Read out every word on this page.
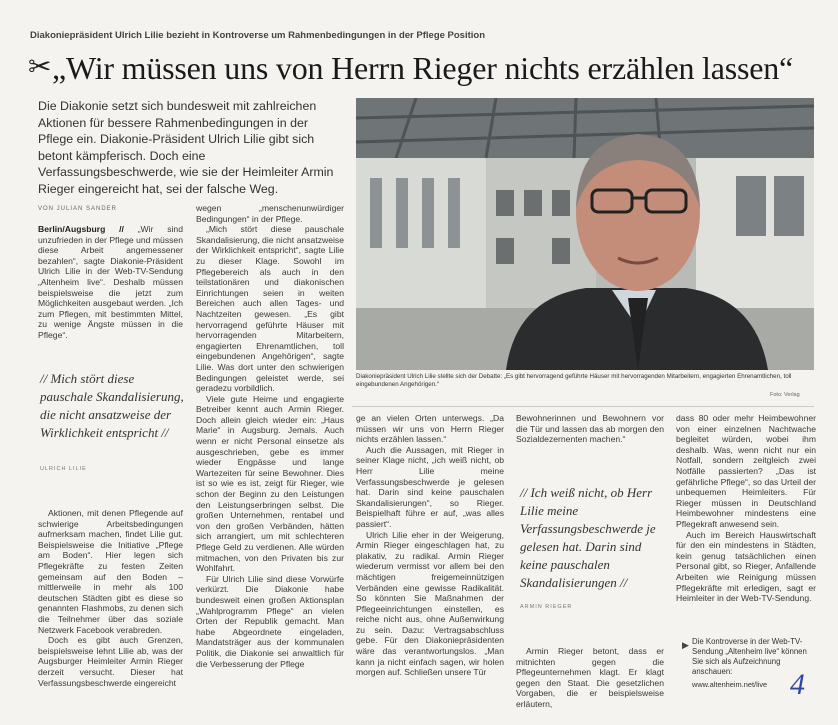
Diakoniepräsident Ulrich Lilie bezieht in Kontroverse um Rahmenbedingungen in der Pflege Position
✂ „Wir müssen uns von Herrn Rieger nichts erzählen lassen“
Die Diakonie setzt sich bundesweit mit zahlreichen Aktionen für bessere Rahmenbedingungen in der Pflege ein. Diakonie-Präsident Ulrich Lilie gibt sich betont kämpferisch. Doch eine Verfassungsbeschwerde, wie sie der Heimleiter Armin Rieger eingereicht hat, sei der falsche Weg.
VON JULIAN SANDER

Berlin/Augsburg // „Wir sind unzufrieden in der Pflege und müssen diese Arbeit angemessener bezahlen“, sagte Diakonie-Präsident Ulrich Lilie in der Web-TV-Sendung „Altenheim live“. Deshalb müssen beispielsweise die jetzt zum Möglichkeiten ausgebaut werden. „Ich zum Pflegen, mit bestimmten Mittel, zu wenige Ängste müssen in die Pflege“.

// Mich stört diese pauschale Skandalisierung, die nicht ansatzweise der Wirklichkeit entspricht //
ULRICH LILIE

Aktionen, mit denen Pflegende auf schwierige Arbeitsbedingungen aufmerksam machen, findet Lilie gut. Beispielsweise die Initiative „Pflege am Boden“. Hier legen sich Pflegekräfte zu festen Zeiten gemeinsam auf den Boden – mittlerweile in mehr als 100 deutschen Städten gibt es diese so genannten Flashmobs, zu denen sich die Teilnehmer über das soziale Netzwerk Facebook verabreden.

Doch es gibt auch Grenzen, beispielsweise lehnt Lilie ab, was der Augsburger Heimleiter Armin Rieger derzeit versucht. Dieser hat Verfassungsbeschwerde eingereicht

wegen „menschenunwürdiger Bedingungen“ in der Pflege.

„Mich stört diese pauschale Skandalisierung, die nicht ansatzweise der Wirklichkeit entspricht“, sagte Lilie zu dieser Klage. Sowohl im Pflegebereich als auch in den teilstationären und diakonischen Einrichtungen seien in weiten Bereichen auch allen Tages- und Nachtzeiten gewesen. „Es gibt hervorragend geführte Häuser mit hervorragenden Mitarbeitern, engagierten Ehrenamtlichen, toll eingebundenen Angehörigen“, sagte Lilie. Was dort unter den schwierigen Bedingungen geleistet werde, sei geradezu vorbildlich.

Viele gute Heime und engagierte Betreiber kennt auch Armin Rieger. Doch allein gleich wieder ein: „Haus Marie“ in Augsburg. Jemals. Auch wenn er nicht Personal einsetze als ausgeschrieben, gebe es immer wieder Engpässe und lange Wartezeiten für seine Bewohner. Dies ist so wie es ist, zeigt für Rieger, wie schon der Beginn zu den Leistungen den Leistungserbringen selbst. Die großen Unternehmen, rentabel und von den großen Verbänden, hätten sich arrangiert, um mit schlechteren Pflege Geld zu verdienen. Alle würden mitmachen, von den Privaten bis zur Wohlfahrt.

Für Ulrich Lilie sind diese Vorwürfe verkürzt. Die Diakonie habe bundesweit einen großen Aktionsplan „Wahlprogramm Pflege“ an vielen Orten der Republik gemacht. Man habe Abgeordnete eingeladen, Mandatsträger aus der kommunalen Politik, die Diakonie sei anwaltlich für die Verbesserung der Pflege

Diakoniepräsident Ulrich Lilie stellte sich der Debatte: „Es gibt hervorragend geführte Häuser mit hervorragenden Mitarbeitern, engagierten Ehrenamtlichen, toll eingebundenen Angehörigen.“
Foto: Verlag

ge an vielen Orten unterwegs. „Da müssen wir uns von Herrn Rieger nichts erzählen lassen.“

Auch die Aussagen, mit Rieger in seiner Klage nicht, „ich weiß nicht, ob Herr Lilie meine Verfassungsbeschwerde je gelesen hat. Darin sind keine pauschalen Skandalisierungen“, so Rieger. Beispielhaft führe er auf, „was alles passiert“.

Ulrich Lilie eher in der Weigerung, Armin Rieger eingeschlagen hat, zu plakativ, zu radikal. Armin Rieger wiederum vermisst vor allem bei den mächtigen freigemeinnützigen Verbänden eine gewisse Radikalität. So könnten Sie Maßnahmen der Pflegeeinrichtungen einstellen, es reiche nicht aus, ohne Außenwirkung zu sein. Dazu: Vertragsabschluss gebe. Für den Diakoniepräsidenten wäre das verantwortungslos. „Man kann ja nicht einfach sagen, wir holen morgen auf. Schließen unsere Tür

Bewohnerinnen und Bewohnern vor die Tür und lassen das ab morgen den Sozialdezernenten machen.“

// Ich weiß nicht, ob Herr Lilie meine Verfassungsbeschwerde je gelesen hat. Darin sind keine pauschalen Skandalisierungen //
ARMIN RIEGER

Armin Rieger betont, dass er mitnichten gegen die Pflegeunternehmen klagt. Er klagt gegen den Staat. Die gesetzlichen Vorgaben, die er beispielsweise erläutern,

dass 80 oder mehr Heimbewohner von einer einzelnen Nachtwache begleitet würden, wobei ihm deshalb. Was, wenn nicht nur ein Notfall, sondern zeitgleich zwei Notfälle passierten? „Das ist gefährliche Pflege“, so das Urteil der unbequemen Heimleiters. Für Rieger müssen in Deutschland Heimbewohner mindestens eine Pflegekraft anwesend sein.

Auch im Bereich Hauswirtschaft für den ein mindestens in Städten, kein genug tatsächlichen einen Personal gibt, so Rieger, Anfallende Arbeiten wie Reinigung müssen Pflegekräfte mit erledigen, sagt er Heimleiter in der Web-TV-Sendung.

▶ Die Kontroverse in der Web-TV-Sendung „Altenheim live“ können Sie sich als Aufzeichnung anschauen:
www.altenheim.net/live 4
